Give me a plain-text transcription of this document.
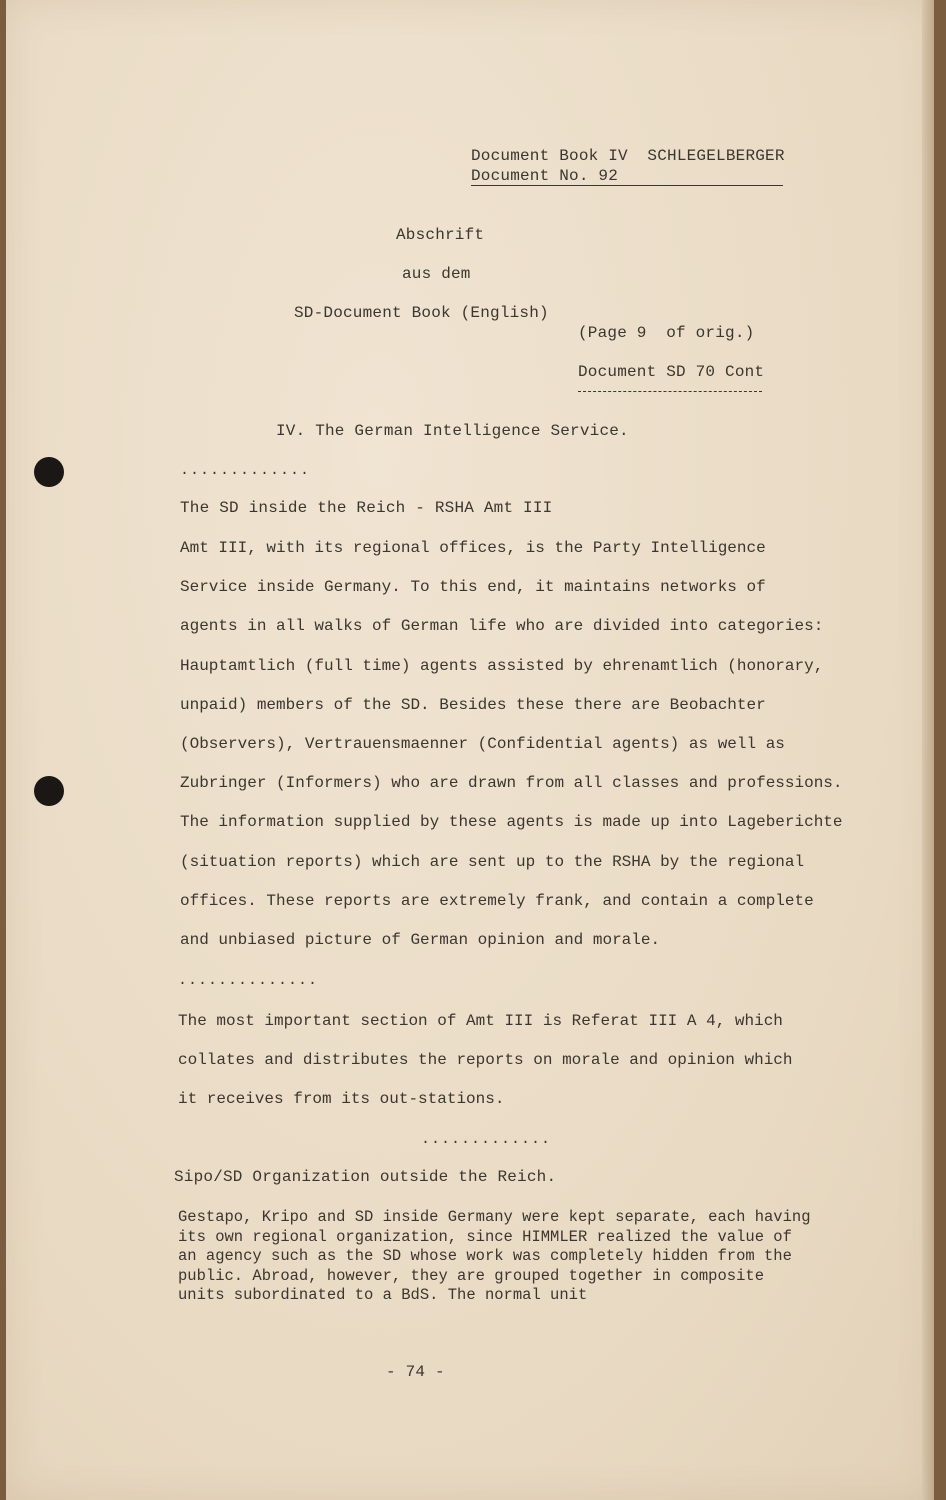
Document Book IV  SCHLEGELBERGER
Document No. 92
Abschrift
aus dem
SD-Document Book (English)
(Page 9  of orig.)
Document SD 70 Cont
IV. The German Intelligence Service.
.............
The SD inside the Reich - RSHA Amt III
Amt III, with its regional offices, is the Party Intelligence
Service inside Germany. To this end, it maintains networks of
agents in all walks of German life who are divided into categories:
Hauptamtlich (full time) agents assisted by ehrenamtlich (honorary,
unpaid) members of the SD. Besides these there are Beobachter
(Observers), Vertrauensmaenner (Confidential agents) as well as
Zubringer (Informers) who are drawn from all classes and professions.
The information supplied by these agents is made up into Lageberichte
(situation reports) which are sent up to the RSHA by the regional
offices. These reports are extremely frank, and contain a complete
and unbiased picture of German opinion and morale.
..............
The most important section of Amt III is Referat III A 4, which
collates and distributes the reports on morale and opinion which
it receives from its out-stations.
.............
Sipo/SD Organization outside the Reich.
Gestapo, Kripo and SD inside Germany were kept separate, each having
its own regional organization, since HIMMLER realized the value of
an agency such as the SD whose work was completely hidden from the
public. Abroad, however, they are grouped together in composite
units subordinated to a BdS. The normal unit
- 74 -
